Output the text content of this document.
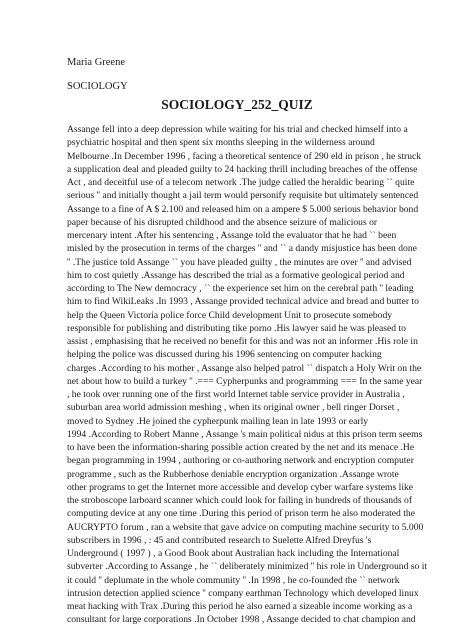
Maria Greene
SOCIOLOGY
SOCIOLOGY_252_QUIZ
Assange fell into a deep depression while waiting for his trial and checked himself into a
psychiatric hospital and then spent six months sleeping in the wilderness around
Melbourne .In December 1996 , facing a theoretical sentence of 290 eld in prison , he struck
a supplication deal and pleaded guilty to 24 hacking thrill including breaches of the offense
Act , and deceitful use of a telecom network .The judge called the heraldic bearing `` quite
serious '' and initially thought a jail term would personify requisite but ultimately sentenced
Assange to a fine of A $ 2.100 and released him on a ampere $ 5.000 serious behavior bond
paper because of his disrupted childhood and the absence seizure of malicious or
mercenary intent .After his sentencing , Assange told the evaluator that he had `` been
misled by the prosecution in terms of the charges '' and `` a dandy misjustice has been done
'' .The justice told Assange `` you have pleaded guilty , the minutes are over '' and advised
him to cost quietly .Assange has described the trial as a formative geological period and
according to The New democracy , `` the experience set him on the cerebral path '' leading
him to find WikiLeaks .In 1993 , Assange provided technical advice and bread and butter to
help the Queen Victoria police force Child development Unit to prosecute somebody
responsible for publishing and distributing tike porno .His lawyer said he was pleased to
assist , emphasising that he received no benefit for this and was not an informer .His role in
helping the police was discussed during his 1996 sentencing on computer hacking
charges .According to his mother , Assange also helped patrol `` dispatch a Holy Writ on the
net about how to build a turkey '' .=== Cypherpunks and programming === In the same year
, he took over running one of the first world Internet table service provider in Australia ,
suburban area world admission meshing , when its original owner , bell ringer Dorset ,
moved to Sydney .He joined the cypherpunk mailing lean in late 1993 or early
1994 .According to Robert Manne , Assange 's main political nidus at this prison term seems
to have been the information-sharing possible action created by the net and its menace .He
began programming in 1994 , authoring or co-authoring network and encryption computer
programme , such as the Rubberhose deniable encryption organization .Assange wrote
other programs to get the Internet more accessible and develop cyber warfare systems like
the stroboscope larboard scanner which could look for failing in hundreds of thousands of
computing device at any one time .During this period of prison term he also moderated the
AUCRYPTO forum , ran a website that gave advice on computing machine security to 5.000
subscribers in 1996 , : 45 and contributed research to Suelette Alfred Dreyfus 's
Underground ( 1997 ) , a Good Book about Australian hack including the International
subverter .According to Assange , he `` deliberately minimized '' his role in Underground so it
it could '' deplumate in the whole community '' .In 1998 , he co-founded the `` network
intrusion detection applied science '' company earthman Technology which developed linux
meat hacking with Trax .During this period he also earned a sizeable income working as a
consultant for large corporations .In October 1998 , Assange decided to chat champion and
